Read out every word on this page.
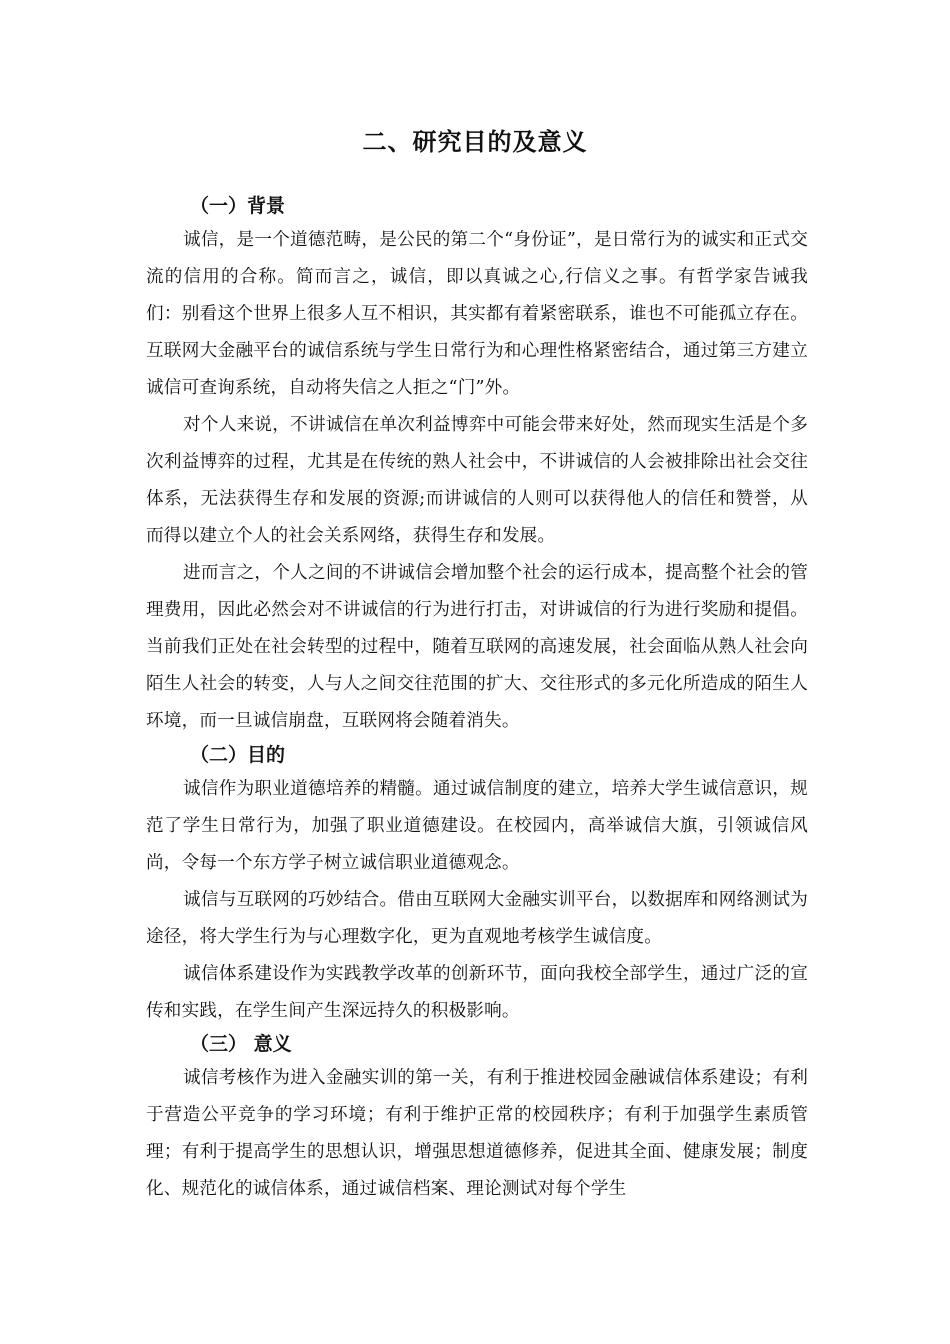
二、研究目的及意义
（一）背景
诚信，是一个道德范畴，是公民的第二个“身份证”，是日常行为的诚实和正式交流的信用的合称。简而言之，诚信，即以真诚之心,行信义之事。有哲学家告诫我们：别看这个世界上很多人互不相识，其实都有着紧密联系，谁也不可能孤立存在。互联网大金融平台的诚信系统与学生日常行为和心理性格紧密结合，通过第三方建立诚信可查询系统，自动将失信之人拒之“门”外。
对个人来说，不讲诚信在单次利益博弈中可能会带来好处，然而现实生活是个多次利益博弈的过程，尤其是在传统的熟人社会中，不讲诚信的人会被排除出社会交往体系，无法获得生存和发展的资源;而讲诚信的人则可以获得他人的信任和赞誉，从而得以建立个人的社会关系网络，获得生存和发展。
进而言之，个人之间的不讲诚信会增加整个社会的运行成本，提高整个社会的管理费用，因此必然会对不讲诚信的行为进行打击，对讲诚信的行为进行奖励和提倡。当前我们正处在社会转型的过程中，随着互联网的高速发展，社会面临从熟人社会向陌生人社会的转变，人与人之间交往范围的扩大、交往形式的多元化所造成的陌生人环境，而一旦诚信崩盘，互联网将会随着消失。
（二）目的
诚信作为职业道德培养的精髓。通过诚信制度的建立，培养大学生诚信意识，规范了学生日常行为，加强了职业道德建设。在校园内，高举诚信大旗，引领诚信风尚，令每一个东方学子树立诚信职业道德观念。
诚信与互联网的巧妙结合。借由互联网大金融实训平台，以数据库和网络测试为途径，将大学生行为与心理数字化，更为直观地考核学生诚信度。
诚信体系建设作为实践教学改革的创新环节，面向我校全部学生，通过广泛的宣传和实践，在学生间产生深远持久的积极影响。
（三） 意义
诚信考核作为进入金融实训的第一关，有利于推进校园金融诚信体系建设；有利于营造公平竞争的学习环境；有利于维护正常的校园秩序；有利于加强学生素质管理；有利于提高学生的思想认识，增强思想道德修养，促进其全面、健康发展；制度化、规范化的诚信体系，通过诚信档案、理论测试对每个学生
